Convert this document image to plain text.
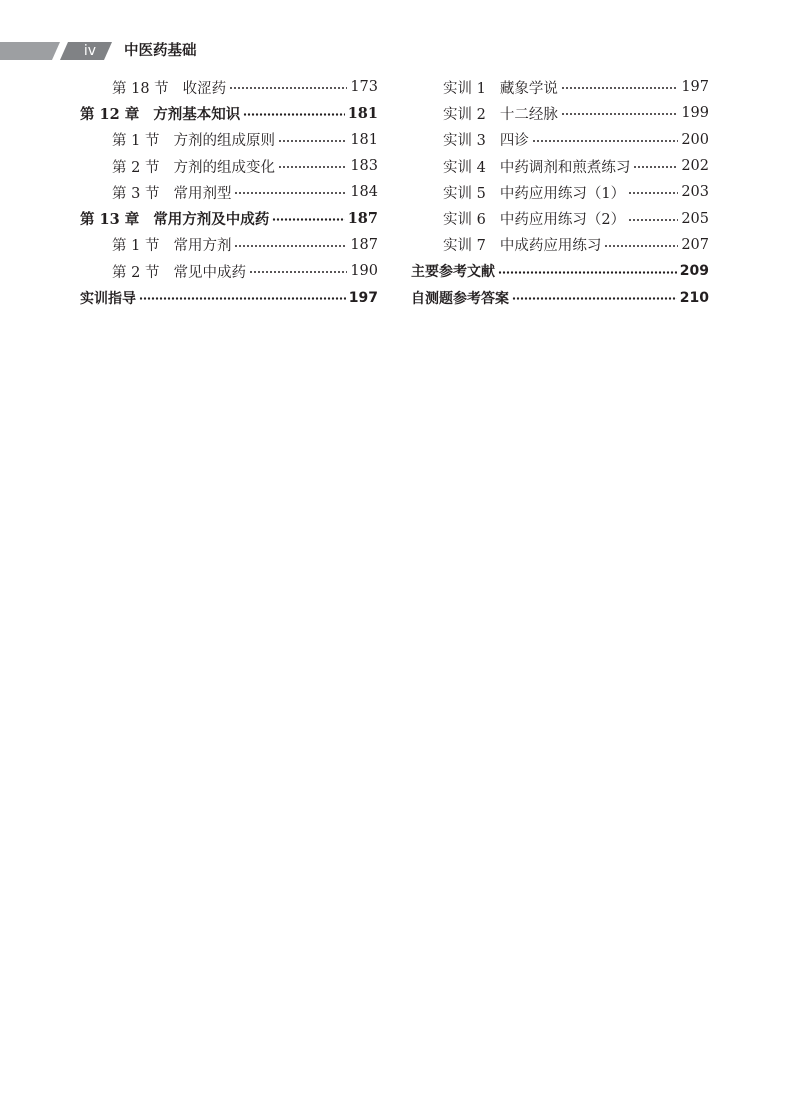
iv	中医药基础
第 18 节 收涩药	173
第 12 章 方剂基本知识	181
第 1 节 方剂的组成原则	181
第 2 节 方剂的组成变化	183
第 3 节 常用剂型	184
第 13 章 常用方剂及中成药	187
第 1 节 常用方剂	187
第 2 节 常见中成药	190
实训指导	197
实训 1 藏象学说	197
实训 2 十二经脉	199
实训 3 四诊	200
实训 4 中药调剂和煎煮练习	202
实训 5 中药应用练习（1）	203
实训 6 中药应用练习（2）	205
实训 7 中成药应用练习	207
主要参考文献	209
自测题参考答案	210
